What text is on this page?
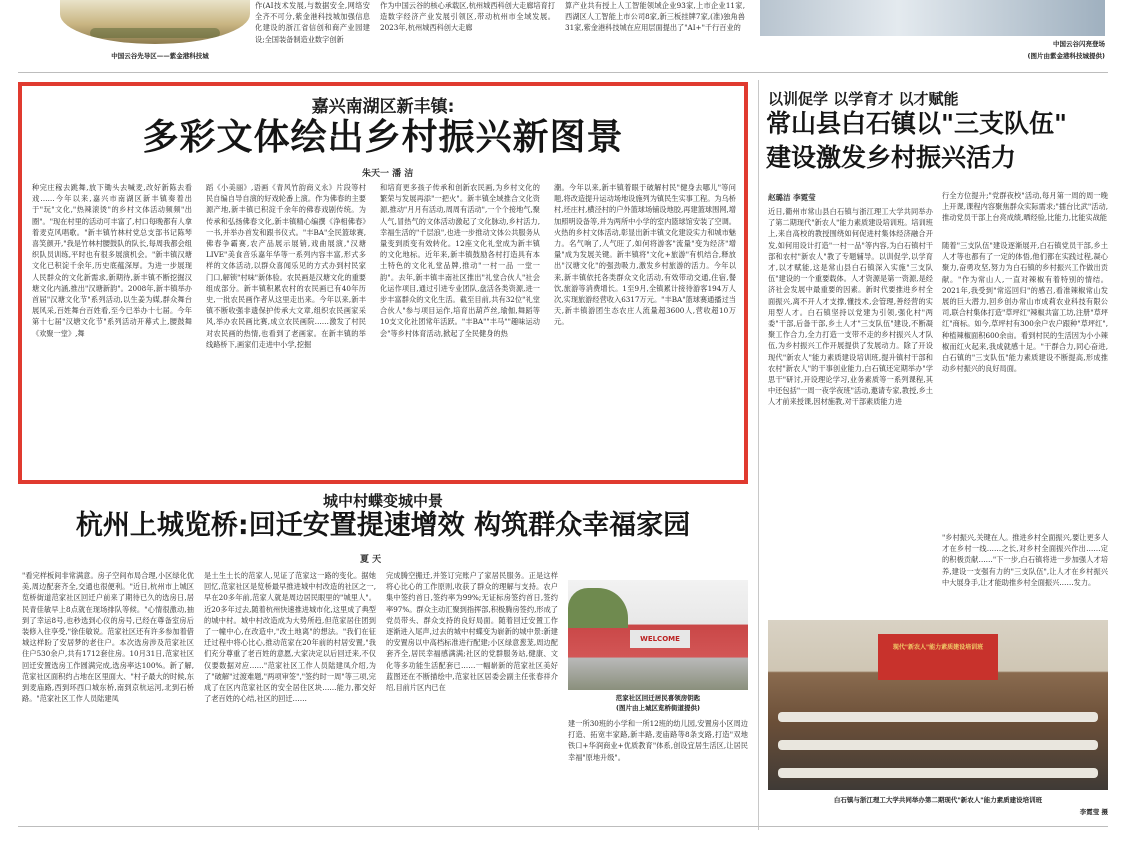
中国云谷先导区——紫金港科技城
作(AI技术发展,与数据安全,网络安全齐不可分,紫金港科技城加强信息化建设的浙江省信创和商产业园建设;全国装备制造业数字创新
作为中国云谷的核心承载区,杭州城西科创大走廊培育打造数字经济产业发展引领区,带动杭州市全域发展。2023年,杭州城西科创大走廊
算产业共有授上人工智能领域企业93家,上市企业11家,西湖区人工智能上市公司8家,新三板挂牌7家,(准)独角兽31家,紫金港科技城在应用层面提出了"AI+"千行百业的
中国云谷闪亮登场
(图片由紫金港科技城提供)
嘉兴南湖区新丰镇:
多彩文体绘出乡村振兴新图景
朱天一 潘 洁
种完庄稼去跳舞,放下锄头去喊麦,改好新陈去看戏……今年以来,嘉兴市南湖区新丰镇奏着出于"玩"文化,"热辣滚烫"的乡村文体活动频频"出圈"。"现在村里的活动可丰富了,村口每晚都有人拿着麦克风唱歌。"新丰镇竹林村党总支部书记陈琴喜笑颜开,"我是竹林村腰鼓队的队长,每周我都会组织队员训练,平时也有很多展演机会。"新丰镇汉塘文化已积淀千余年,历史底蕴深厚。为进一步展现人民群众的文化新需求,新期待,新丰镇不断挖掘汉塘文化内涵,推出"汉塘新韵"。2008年,新丰镇举办首届"汉塘文化节"系列活动,以生姜为媒,群众舞台展风采,百姓舞台百姓看,至今已举办十七届。今年第十七届"汉塘文化节"系列活动开幕式上,腰鼓舞《欢聚一堂》,舞
蹈《小美丽》,语画《青风竹韵商义永》片段等村民自编自导自演的好戏轮番上演。作为佛春的主要源产地,新丰镇已积淀千余年的佛春戏剧传统。为传承和弘扬佛春文化,新丰镇精心编撰《浄相佛春》一书,并举办首发和跟书仪式。"丰BA"全民篮球赛,佛春争霸赛,农产品展示展销,戏曲展演,"汉塘LIVE"美食音乐嘉年华等一系列内容丰富,形式多样的文体活动,以群众喜闻乐见的方式办到村民家门口,解锁"村味"新体验。农民画是汉塘文化的重要组成部分。新丰镇积累农村的农民画已有40年历史,一批农民画作者从这里走出来。今年以来,新丰镇不断收强非遗保护传承大文章,组织农民画家采风,举办农民画比赛,成立农民画院……激发了村民对农民画的热情,也看到了老画家。在新丰镇的举线路桥下,画家们走进中小学,挖掘
和培育更多孩子传承和创新农民画,为乡村文化的繁荣与发展再添"一把火"。新丰镇全域推合文化资源,推动"月月有活动,周周有活动",一个个接地气,聚人气,冒热气的文体活动激起了文化脉动,乡村活力,幸福生活的"千层浪",也进一步推动文体公共服务从量变到质变有效转化。12座文化礼堂成为新丰镇的文化地标。近年来,新丰镇鼓励各村打造具有本土特色的文化礼堂品牌,推动"一村一品 一堂一韵"。去年,新丰镇丰南社区推出"礼堂合伙人"社会化运作项目,通过引进专业团队,盘活各类资源,进一步丰富群众的文化生活。截至目前,共有32位"礼堂合伙人"参与项目运作,培育出葫芦丝,瑜伽,舞蹈等10支文化社团常年活跃。"丰BA""丰马""趣味运动会"等乡村体育活动,掀起了全民健身的热
潮。今年以来,新丰镇着眼于破解村民"健身去哪儿"等问题,将改造提升运动场地设施列为镇民生实事工程。为乌桥村,坯庄村,横泾村的户外篮球场铺设地胶,再建篮球围网,增加照明设备等,并为两所中小学的室内篮球馆安装了空调。火热的乡村文体活动,彰显出新丰镇文化建设实力和城市魅力。名气响了,人气旺了,如何将游客"流量"变为经济"增量"成为发展关键。新丰镇将"文化+旅游"有机结合,释放出"汉塘文化"的强劲吸力,激发乡村旅游的活力。今年以来,新丰镇依托各类群众文化活动,有效带动交通,住宿,餐饮,旅游等消费增长。1至9月,全镇累计接待游客194万人次,实现旅游经营收入6317万元。"丰BA"篮球赛通播过当天,新丰镇游团生态农庄人流量超3600人,营收超10万元。
以训促学 以学育才 以才赋能
常山县白石镇以"三支队伍"
建设激发乡村振兴活力
赵璐洁 李霓莹
近日,衢州市常山县白石镇与浙江理工大学共同举办了第二期现代"新农人"能力素质建设培训班。培训班上,来自高校的教授围绕如何促进村集体经济融合开发,如何用设计打造"一村一品"等内容,为白石镇村干部和农村"新农人"教了专题辅导。以训促学,以学育才,以才赋能,这是常山县白石镇深入实施"三支队伍"建设的一个重要载体。人才资源是第一资源,是经济社会发展中最重要的因素。新时代要推进乡村全面振兴,离不开人才支撑,懂技术,会管理,善经营的实用型人才。白石镇坚持以党建为引领,强化村"两委"干部,后备干部,乡土人才"三支队伍"建设,不断凝聚工作合力,全力打造一支带不走的乡村振兴人才队伍,为乡村振兴工作开展提供了发展动力。除了开设现代"新农人"能力素质建设培训班,提升镇村干部和农村"新农人"的干事创业能力,白石镇还定期举办"学思干"研讨,开设理论学习,业务素质等一系列课程,其中还包括"一周一夜学夜班"活动,邀请专家,教授,乡土人才前来授课,因材施教,对干部素质能力进
行全方位提升;"党群夜校"活动,每月第一周的周一晚上开课,课程内容聚焦群众实际需求;"擂台比武"活动,推动党员干部上台亮成绩,晒经验,比能力,比能实战能
随着"三支队伍"建设逐渐展开,白石镇党员干部,乡土人才等也都有了一定的体悟,他们都在实践过程,凝心聚力,奋勇攻坚,努力为白石镇的乡村振兴工作做出贡献。"作为常山人,一直对辣椒有着特别的情结。2021年,我受到"常巡回归"的感召,看准辣椒常山发展的巨大潜力,回乡创办常山市成莉农业科技有限公司,联合村集体打造"草坪红"辣椒共富工坊,注册"草坪红"商标。如今,草坪村有300余户农户跟种"草坪红",种植辣椒面积600余亩。看到村民的生活因为小小辣椒而红火起来,我成就感十足。"干群合力,同心奋进,白石镇的"三支队伍"能力素质建设不断提高,形成推动乡村振兴的良好局面。
"乡村振兴,关键在人。推进乡村全面振兴,要让更多人才在乡村一线……之长,对乡村全面振兴作出……定的积极贡献……"下一步,白石镇将进一步加强人才培养,建设一支强有力的"三支队伍",让人才在乡村振兴中大展身手,让才能助推乡村全面振兴……发力。
现代"新农人"能力素质建设培训班
白石镇与浙江理工大学共同举办第二期现代"新农人"能力素质建设培训班
李霓莹 摄
城中村蝶变城中景
杭州上城览桥:回迁安置提速增效 构筑群众幸福家园
夏 天
"看完样板间非常满意。房子空间布局合理,小区绿化优美,周边配套齐全,交通也很便利。"近日,杭州市上城区览桥街道范家社区回迁户前来了期待已久的选房日,居民青佳敏早上8点就在现场排队等候。"心情很激动,抽到了幸运8号,也秒选到心仪的房号,已经在尊备室房后装修入住享受,"徐佳敏说。范家社区还有许多参加着借城这样盼了安居梦的老住户。本次选房涉及范家社区住户530余户,共有1712套住房。10月31日,范家社区回迁安置选房工作圆满完成,选房率达100%。新了解,范家社区面积约占地在区里面大、"村子最大的时候,东到麦庙路,西到环西口城东桥,南到京杭运河,北到石桥路。"范家社区工作人员陆建凤
是土生土长的范家人,见证了范家这一路的变化。据她回忆,范家社区是览桥最早推进城中村改造的社区之一,早在20多年前,范家人就是周边居民眼里的"城里人"。近20多年过去,随着杭州快速推进城市化,这里成了典型的城中村。城中村改造成为大势所趋,但范家居住团到了一幢中心,在改造中,"改土地离"的想法。"我们在征迁过程中将心比心,推动范家在20年前的村居安置,"我们充分尊重了老百姓的意愿,大家决定以后回迁来,不仅仅要数据对应……"范家社区工作人员陆建凤介绍,为了"破解"过渡难题,"两项审签","签约时一周"等三项,完成了在区内范家社区的安全居住区块……能力,都交好了老百姓的心结,社区的回迁……
完成腾空搬迁,并签订完账户了家居民服务。正是这样将心比心的工作原则,收获了群众的理解与支持。农户集中签约首日,签约率为99%;无证标房签约首日,签约率97%。群众主动汇聚到指挥部,积极腾房签约,形成了党员带头、群众支持的良好局面。随着回迁安置工作逐渐进入尾声,过去的城中村蝶变为崭新的城中景:新建的安置房以中高档标准进行配建;小区绿意葱茏,周边配套齐全,居民幸福感满满;社区的党群服务站,健康、文化等多功能生活配套已……一幅崭新的范家社区美好蓝图还在不断描绘中,范家社区居委会副主任张春祥介绍,目前片区内已在
WELCOME
范家社区回迁居民喜领房钥匙
(图片由上城区览桥街道提供)
建一所30班的小学和一所12班的幼儿园,安置房小区周边打造、拓宽丰家路,新丰路,麦庙路等8条支路,打造"双地铁口+华润商业+优质教育"体系,创设宜居生活区,让居民幸福"原地升级"。
